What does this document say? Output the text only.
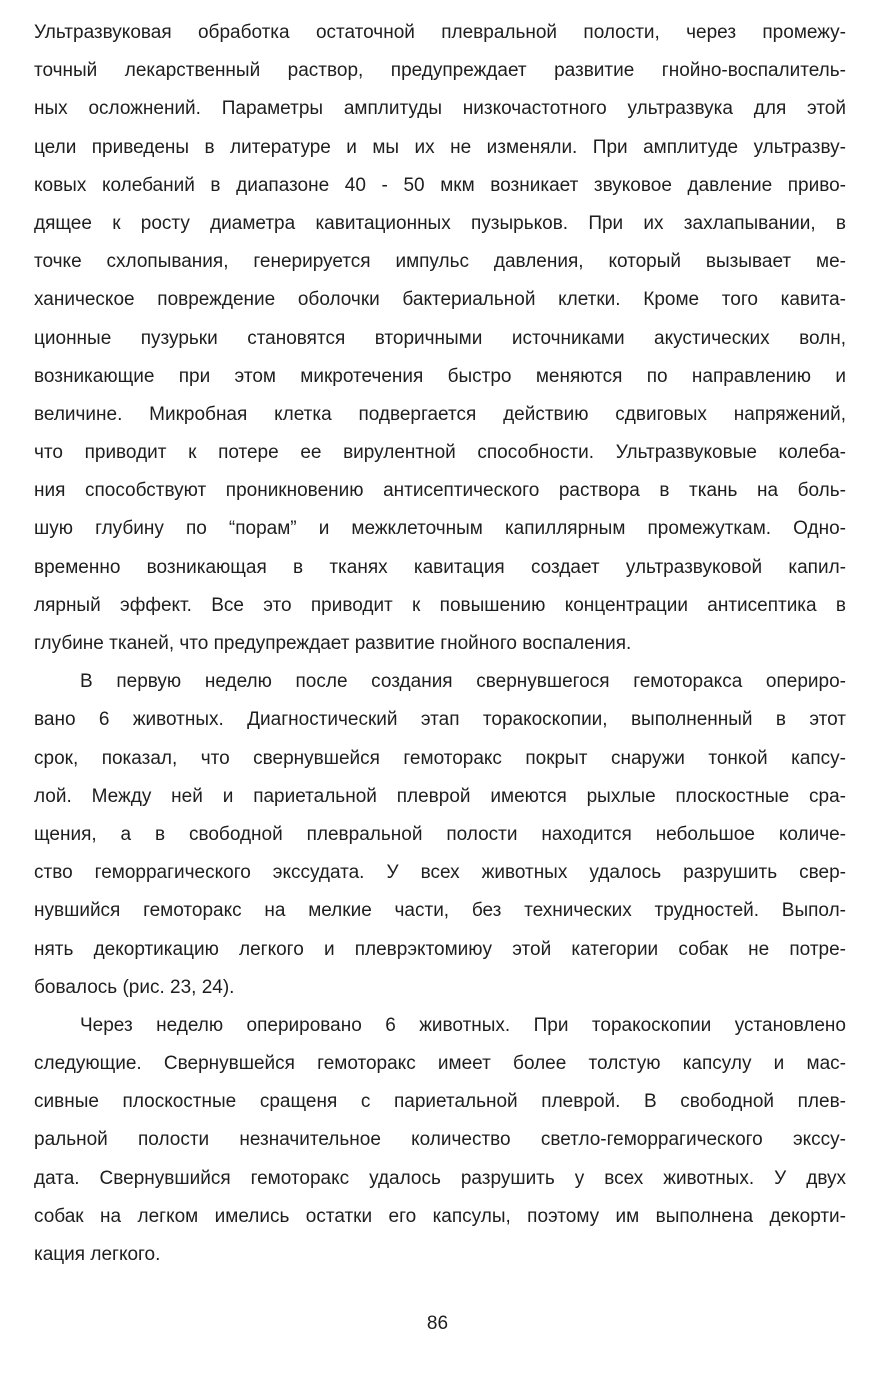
Ультразвуковая обработка остаточной плевральной полости, через промежу-
точный лекарственный раствор, предупреждает развитие гнойно-воспалитель-
ных осложнений. Параметры амплитуды низкочастотного ультразвука для этой
цели приведены в литературе и мы их не изменяли. При амплитуде ультразву-
ковых колебаний в диапазоне 40 - 50 мкм возникает звуковое давление приво-
дящее к росту диаметра кавитационных пузырьков. При их захлапывании, в
точке схлопывания, генерируется импульс давления, который вызывает ме-
ханическое повреждение оболочки бактериальной клетки. Кроме того кавита-
ционные пузурьки становятся вторичными источниками акустических волн,
возникающие при этом микротечения быстро меняются по направлению и
величине. Микробная клетка подвергается действию сдвиговых напряжений,
что приводит к потере ее вирулентной способности. Ультразвуковые колеба-
ния способствуют проникновению антисептического раствора в ткань на боль-
шую глубину по “порам” и межклеточным капиллярным промежуткам. Одно-
временно возникающая в тканях кавитация создает ультразвуковой капил-
лярный эффект. Все это приводит к повышению концентрации антисептика в
глубине тканей, что предупреждает развитие гнойного воспаления.
В первую неделю после создания свернувшегося гемоторакса опериро-
вано 6 животных. Диагностический этап торакоскопии, выполненный в этот
срок, показал, что свернувшейся гемоторакс покрыт снаружи тонкой капсу-
лой. Между ней и париетальной плеврой имеются рыхлые плоскостные сра-
щения, а в свободной плевральной полости находится небольшое количе-
ство геморрагического экссудата. У всех животных удалось разрушить свер-
нувшийся гемоторакс на мелкие части, без технических трудностей. Выпол-
нять декортикацию легкого и плеврэктомиюу этой категории собак не потре-
бовалось (рис. 23, 24).
Через неделю оперировано 6 животных. При торакоскопии установлено
следующие. Свернувшейся гемоторакс имеет более толстую капсулу и мас-
сивные плоскостные сращеня с париетальной плеврой. В свободной плев-
ральной полости незначительное количество светло-геморрагического экссу-
дата. Свернувшийся гемоторакс удалось разрушить у всех животных. У двух
собак на легком имелись остатки его капсулы, поэтому им выполнена декорти-
кация легкого.
86
